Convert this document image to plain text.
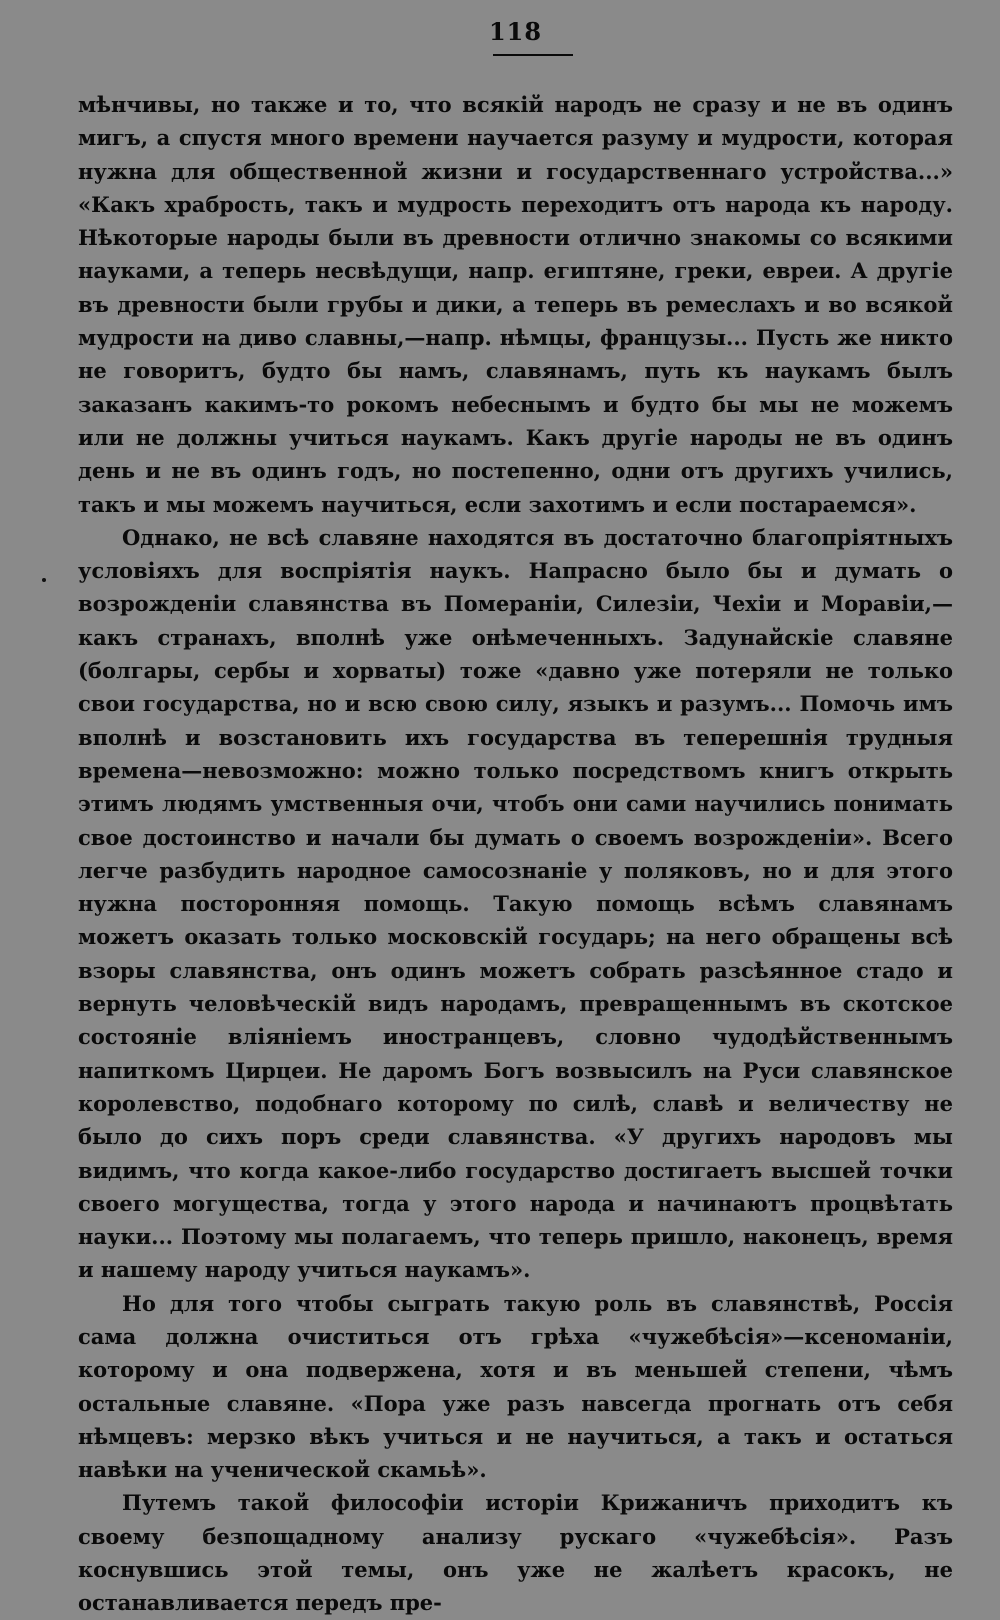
118

мѣнчивы, но также и то, что всякій народъ не сразу и не въ одинъ мигъ, а спустя много времени научается разуму и мудрости, которая нужна для общественной жизни и государственнаго устройства...» «Какъ храбрость, такъ и мудрость переходитъ отъ народа къ народу. Нѣкоторые народы были въ древности отлично знакомы со всякими науками, а теперь несвѣдущи, напр. египтяне, греки, евреи. А другіе въ древности были грубы и дики, а теперь въ ремеслахъ и во всякой мудрости на диво славны,—напр. нѣмцы, французы... Пусть же никто не говоритъ, будто бы намъ, славянамъ, путь къ наукамъ былъ заказанъ какимъ-то рокомъ небеснымъ и будто бы мы не можемъ или не должны учиться наукамъ. Какъ другіе народы не въ одинъ день и не въ одинъ годъ, но постепенно, одни отъ другихъ учились, такъ и мы можемъ научиться, если захотимъ и если постараемся».

Однако, не всѣ славяне находятся въ достаточно благопріятныхъ условіяхъ для воспріятія наукъ. Напрасно было бы и думать о возрожденіи славянства въ Помераніи, Силезіи, Чехіи и Моравіи,—какъ странахъ, вполнѣ уже онѣмеченныхъ. Задунайскіе славяне (болгары, сербы и хорваты) тоже «давно уже потеряли не только свои государства, но и всю свою силу, языкъ и разумъ... Помочь имъ вполнѣ и возстановить ихъ государства въ теперешнія трудныя времена—невозможно: можно только посредствомъ книгъ открыть этимъ людямъ умственныя очи, чтобъ они сами научились понимать свое достоинство и начали бы думать о своемъ возрожденіи». Всего легче разбудить народное самосознаніе у поляковъ, но и для этого нужна посторонняя помощь. Такую помощь всѣмъ славянамъ можетъ оказать только московскій государь; на него обращены всѣ взоры славянства, онъ одинъ можетъ собрать разсѣянное стадо и вернуть человѣческій видъ народамъ, превращеннымъ въ скотское состояніе вліяніемъ иностранцевъ, словно чудодѣйственнымъ напиткомъ Цирцеи. Не даромъ Богъ возвысилъ на Руси славянское королевство, подобнаго которому по силѣ, славѣ и величеству не было до сихъ поръ среди славянства. «У другихъ народовъ мы видимъ, что когда какое-либо государство достигаетъ высшей точки своего могущества, тогда у этого народа и начинаютъ процвѣтать науки... Поэтому мы полагаемъ, что теперь пришло, наконецъ, время и нашему народу учиться наукамъ».

Но для того чтобы сыграть такую роль въ славянствѣ, Россія сама должна очиститься отъ грѣха «чужебѣсія»—ксеноманіи, которому и она подвержена, хотя и въ меньшей степени, чѣмъ остальные славяне. «Пора уже разъ навсегда прогнать отъ себя нѣмцевъ: мерзко вѣкъ учиться и не научиться, а такъ и остаться навѣки на ученической скамьѣ».

Путемъ такой философіи исторіи Крижаничъ приходитъ къ своему безпощадному анализу рускаго «чужебѣсія». Разъ коснувшись этой темы, онъ уже не жалѣетъ красокъ, не останавливается передъ пре-
